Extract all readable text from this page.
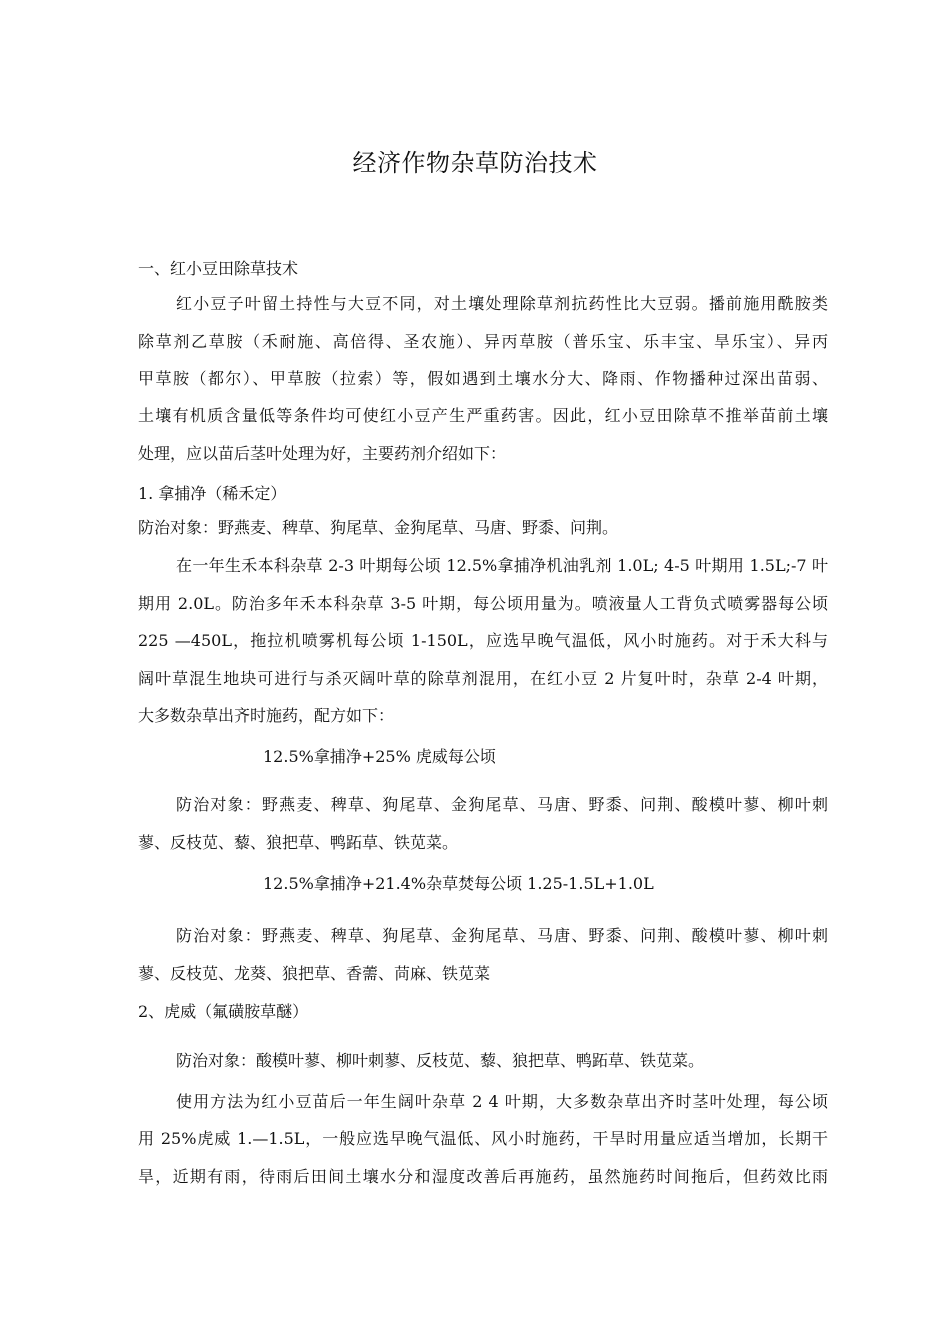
经济作物杂草防治技术
一、红小豆田除草技术
红小豆子叶留土持性与大豆不同，对土壤处理除草剂抗药性比大豆弱。播前施用酰胺类
除草剂乙草胺（禾耐施、高倍得、圣农施）、异丙草胺（普乐宝、乐丰宝、旱乐宝）、异丙
甲草胺（都尔）、甲草胺（拉索）等，假如遇到土壤水分大、降雨、作物播种过深出苗弱、
土壤有机质含量低等条件均可使红小豆产生严重药害。因此，红小豆田除草不推举苗前土壤
处理，应以苗后茎叶处理为好，主要药剂介绍如下：
1. 拿捕净（稀禾定）
防治对象：野燕麦、稗草、狗尾草、金狗尾草、马唐、野黍、问荆。
在一年生禾本科杂草 2-3 叶期每公顷 12.5%拿捕净机油乳剂 1.0L; 4-5 叶期用 1.5L;-7 叶
期用 2.0L。防治多年禾本科杂草 3-5 叶期，每公顷用量为。喷液量人工背负式喷雾器每公顷
225 —450L，拖拉机喷雾机每公顷 1-150L，应选早晚气温低，风小时施药。对于禾大科与
阔叶草混生地块可进行与杀灭阔叶草的除草剂混用，在红小豆 2 片复叶时，杂草 2-4 叶期，
大多数杂草出齐时施药，配方如下：
12.5%拿捕净+25% 虎威每公顷
防治对象：野燕麦、稗草、狗尾草、金狗尾草、马唐、野黍、问荆、酸模叶蓼、柳叶刺
蓼、反枝苋、藜、狼把草、鸭跖草、铁苋菜。
12.5%拿捕净+21.4%杂草焚每公顷 1.25-1.5L+1.0L
防治对象：野燕麦、稗草、狗尾草、金狗尾草、马唐、野黍、问荆、酸模叶蓼、柳叶刺
蓼、反枝苋、龙葵、狼把草、香薷、苘麻、铁苋菜
2、虎威（氟磺胺草醚）
防治对象：酸模叶蓼、柳叶刺蓼、反枝苋、藜、狼把草、鸭跖草、铁苋菜。
使用方法为红小豆苗后一年生阔叶杂草 2 4 叶期，大多数杂草出齐时茎叶处理，每公顷
用 25%虎威 1.—1.5L，一般应选早晚气温低、风小时施药，干旱时用量应适当增加，长期干
旱，近期有雨，待雨后田间土壤水分和湿度改善后再施药，虽然施药时间拖后，但药效比雨
